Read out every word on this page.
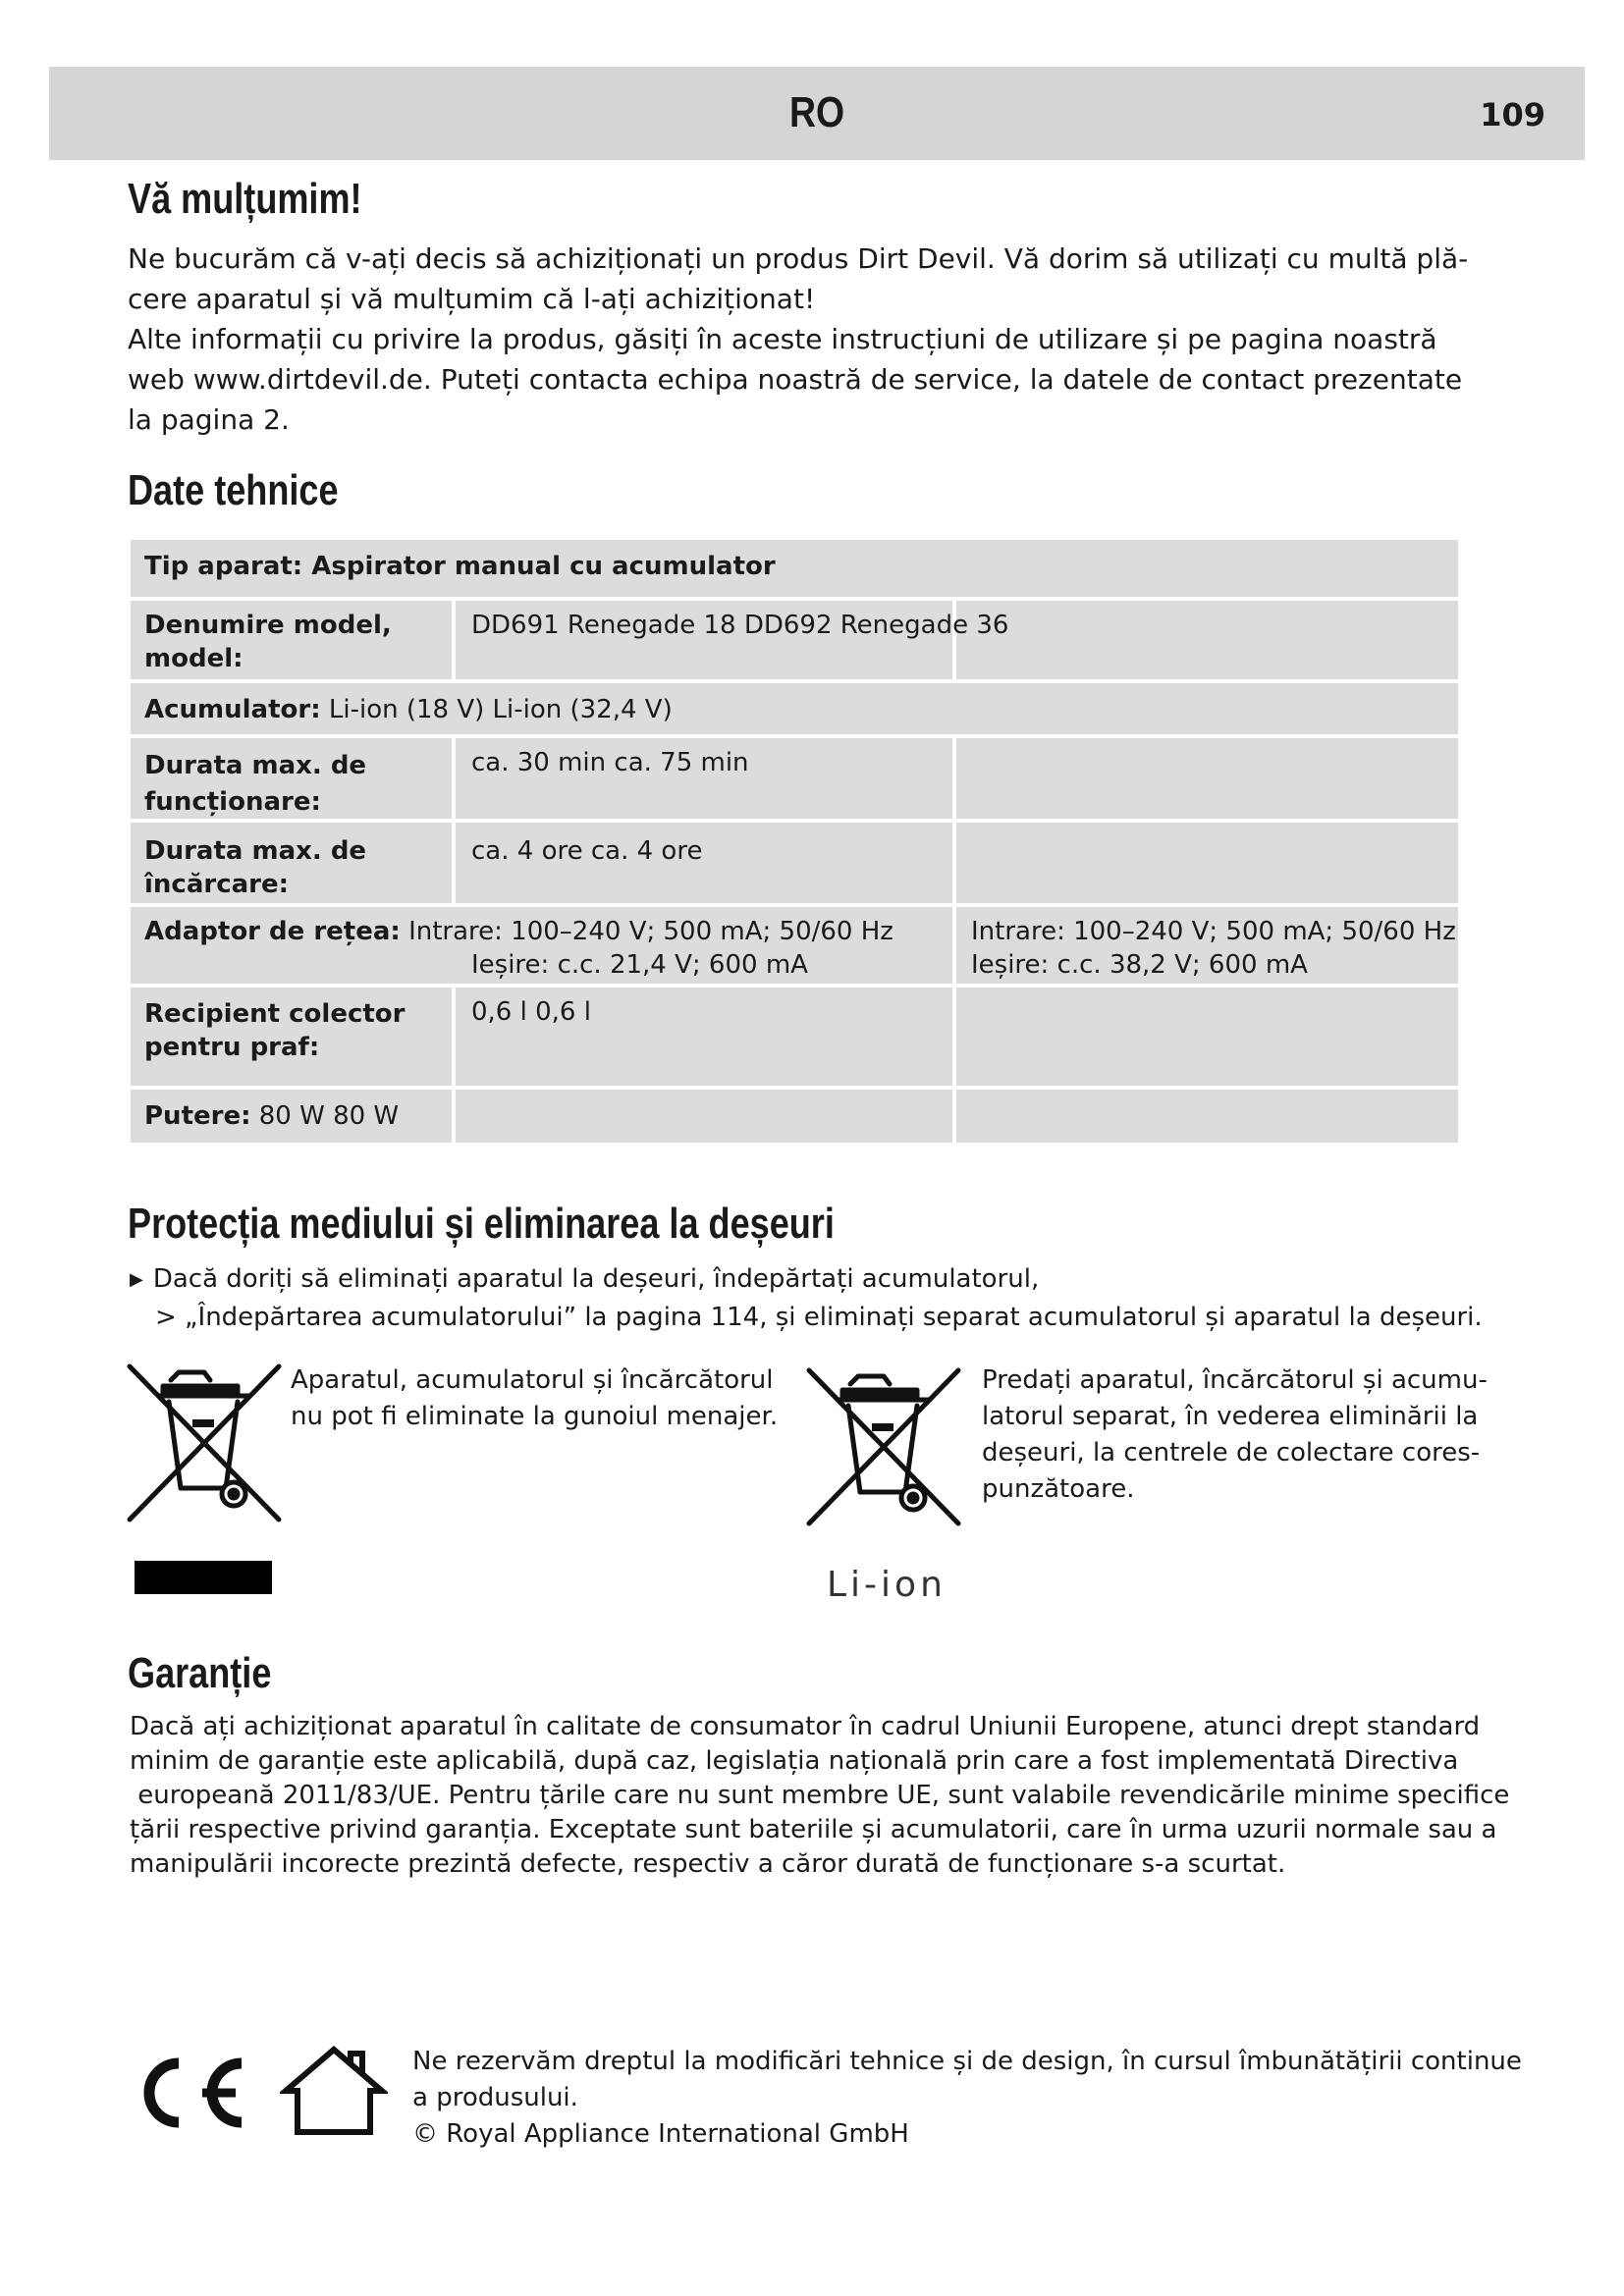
RO	109
Vă mulțumim!
Ne bucurăm că v-ați decis să achiziționați un produs Dirt Devil. Vă dorim să utilizați cu multă plă-
cere aparatul și vă mulțumim că l-ați achiziționat!
Alte informații cu privire la produs, găsiți în aceste instrucțiuni de utilizare și pe pagina noastră
web www.dirtdevil.de. Puteți contacta echipa noastră de service, la datele de contact prezentate
la pagina 2.
Date tehnice
Tip aparat: Aspirator manual cu acumulator
Denumire model,
model:
DD691 Renegade 18 DD692 Renegade 36
Acumulator: Li-ion (18 V) Li-ion (32,4 V)
Durata max. de
funcționare:
ca. 30 min ca. 75 min
Durata max. de
încărcare:
ca. 4 ore ca. 4 ore
Adaptor de rețea: Intrare: 100–240 V; 500 mA; 50/60 Hz
Ieșire: c.c. 21,4 V; 600 mA
Intrare: 100–240 V; 500 mA; 50/60 Hz
Ieșire: c.c. 38,2 V; 600 mA
Recipient colector
pentru praf:
0,6 l 0,6 l
Putere: 80 W 80 W
Protecția mediului și eliminarea la deșeuri
▶ Dacă doriți să eliminați aparatul la deșeuri, îndepărtați acumulatorul,
> „Îndepărtarea acumulatorului” la pagina 114, și eliminați separat acumulatorul și aparatul la deșeuri.
Aparatul, acumulatorul și încărcătorul
nu pot fi eliminate la gunoiul menajer.
Li-ion
Predați aparatul, încărcătorul și acumu-
latorul separat, în vederea eliminării la
deșeuri, la centrele de colectare cores-
punzătoare.
Garanție
Dacă ați achiziționat aparatul în calitate de consumator în cadrul Uniunii Europene, atunci drept standard
minim de garanție este aplicabilă, după caz, legislația națională prin care a fost implementată Directiva
europeană 2011/83/UE. Pentru țările care nu sunt membre UE, sunt valabile revendicările minime specifice
țării respective privind garanția. Exceptate sunt bateriile și acumulatorii, care în urma uzurii normale sau a
manipulării incorecte prezintă defecte, respectiv a căror durată de funcționare s-a scurtat.
Ne rezervăm dreptul la modificări tehnice și de design, în cursul îmbunătățirii continue
a produsului.
© Royal Appliance International GmbH
